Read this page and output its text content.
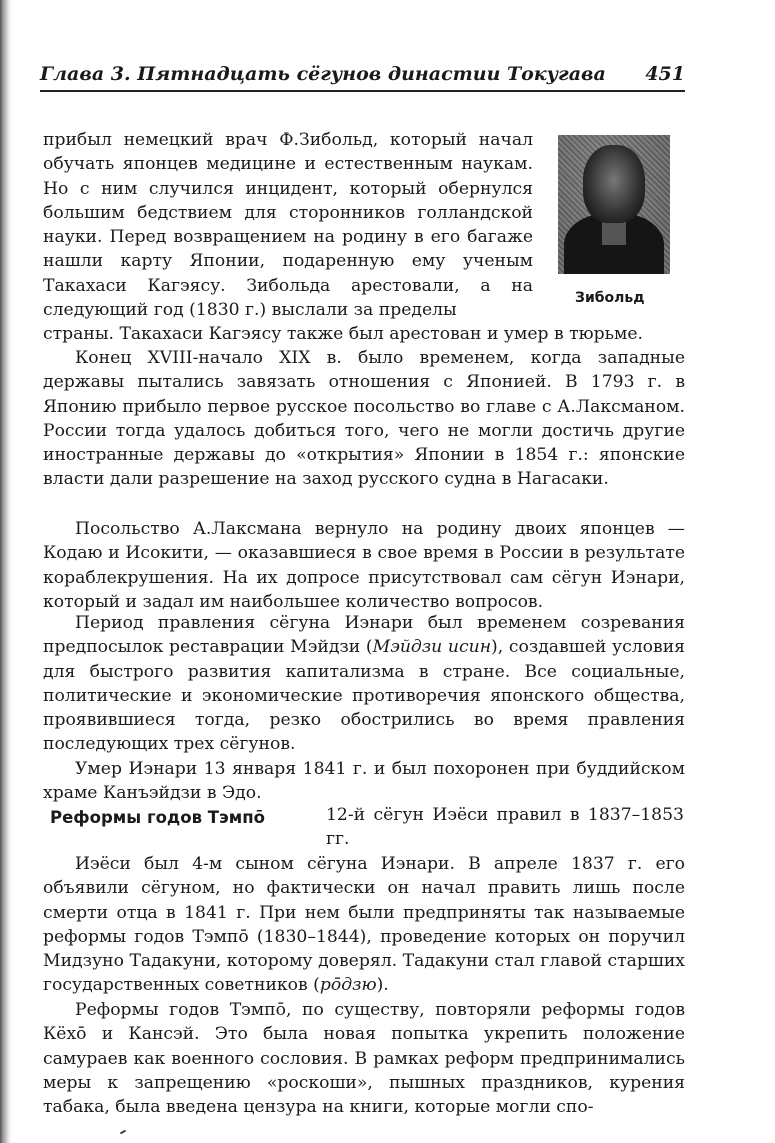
Глава 3. Пятнадцать сёгунов династии Токугава 451
Зибольд
прибыл немецкий врач Ф.Зибольд, который начал обучать японцев медицине и естественным наукам. Но с ним случился инцидент, который обернулся большим бедствием для сторонников голландской науки. Перед возвращением на родину в его багаже нашли карту Японии, подаренную ему ученым Такахаси Кагэясу. Зибольда арестовали, а на следующий год (1830 г.) выслали за пределы
страны. Такахаси Кагэясу также был арестован и умер в тюрьме.
Конец XVIII-начало XIX в. было временем, когда западные державы пытались завязать отношения с Японией. В 1793 г. в Японию прибыло первое русское посольство во главе с А.Лаксманом. России тогда удалось добиться того, чего не могли достичь другие иностранные державы до «открытия» Японии в 1854 г.: японские власти дали разрешение на заход русского судна в Нагасаки.
Посольство А.Лаксмана вернуло на родину двоих японцев — Кодаю и Исокити, — оказавшиеся в свое время в России в результате кораблекрушения. На их допросе присутствовал сам сёгун Иэнари, который и задал им наибольшее количество вопросов.
Период правления сёгуна Иэнари был временем созревания предпосылок реставрации Мэйдзи (Мэйдзи исин), создавшей условия для быстрого развития капитализма в стране. Все социальные, политические и экономические противоречия японского общества, проявившиеся тогда, резко обострились во время правления последующих трех сёгунов.
Умер Иэнари 13 января 1841 г. и был похоронен при буддийском храме Канъэйдзи в Эдо.
Реформы годов Тэмпō	12-й сёгун Иэёси правил в 1837–1853 гг.
Иэёси был 4-м сыном сёгуна Иэнари. В апреле 1837 г. его объявили сёгуном, но фактически он начал править лишь после смерти отца в 1841 г. При нем были предприняты так называемые реформы годов Тэмпō (1830–1844), проведение которых он поручил Мидзуно Тадакуни, которому доверял. Тадакуни стал главой старших государственных советников (рōдзю).
Реформы годов Тэмпō, по существу, повторяли реформы годов Кёхō и Кансэй. Это была новая попытка укрепить положение самураев как военного сословия. В рамках реформ предпринимались меры к запрещению «роскоши», пышных праздников, курения табака, была введена цензура на книги, которые могли спо-
